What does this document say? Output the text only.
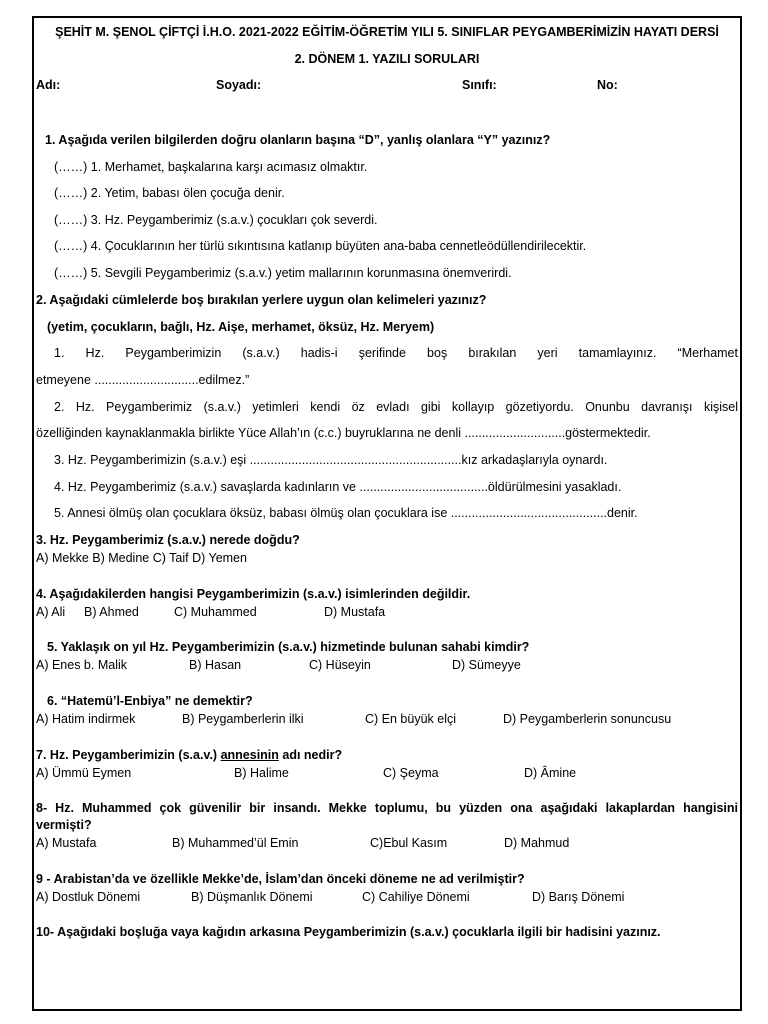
ŞEHİT M. ŞENOL ÇİFTÇİ İ.H.O. 2021-2022 EĞİTİM-ÖĞRETİM YILI 5. SINIFLAR PEYGAMBERİMİZİN HAYATI DERSİ
2. DÖNEM 1. YAZILI SORULARI
Adı:	Soyadı:	Sınıfı:	No:
1. Aşağıda verilen bilgilerden doğru olanların başına “D”, yanlış olanlara “Y” yazınız?
(……) 1. Merhamet, başkalarına karşı acımasız olmaktır.
(……) 2. Yetim, babası ölen çocuğa denir.
(……) 3. Hz. Peygamberimiz (s.a.v.) çocukları çok severdi.
(……) 4. Çocuklarının her türlü sıkıntısına katlanıp büyüten ana-baba cennetleödüllendirilecektir.
(……) 5. Sevgili Peygamberimiz (s.a.v.) yetim mallarının korunmasına önemverirdi.
2. Aşağıdaki cümlelerde boş bırakılan yerlere uygun olan kelimeleri yazınız?
(yetim, çocukların, bağlı, Hz. Aişe, merhamet, öksüz, Hz. Meryem)
1. Hz. Peygamberimizin (s.a.v.) hadis-i şerifinde boş bırakılan yeri tamamlayınız. “Merhamet
etmeyene ..............................edilmez.”
2. Hz. Peygamberimiz (s.a.v.) yetimleri kendi öz evladı gibi kollayıp gözetiyordu. Onunbu davranışı kişisel
özelliğinden kaynaklanmakla birlikte Yüce Allah’ın (c.c.) buyruklarına ne denli .............................göstermektedir.
3. Hz. Peygamberimizin (s.a.v.) eşi .............................................................kız arkadaşlarıyla oynardı.
4. Hz. Peygamberimiz (s.a.v.) savaşlarda kadınların ve .....................................öldürülmesini yasakladı.
5. Annesi ölmüş olan çocuklara öksüz, babası ölmüş olan çocuklara ise .............................................denir.
3. Hz. Peygamberimiz (s.a.v.) nerede doğdu?
A) Mekke B) Medine C) Taif D) Yemen
4. Aşağıdakilerden hangisi Peygamberimizin (s.a.v.) isimlerinden değildir.
A) Ali B) Ahmed	C) Muhammed	D) Mustafa
5. Yaklaşık on yıl Hz. Peygamberimizin (s.a.v.) hizmetinde bulunan sahabi kimdir?
A) Enes b. Malik	B) Hasan	C) Hüseyin	D) Sümeyye
6. “Hatemü’l-Enbiya” ne demektir?
A) Hatim indirmek	B) Peygamberlerin ilki	C) En büyük elçi	D) Peygamberlerin sonuncusu
7. Hz. Peygamberimizin (s.a.v.) annesinin adı nedir?
A) Ümmü Eymen	B) Halime	C) Şeyma	D) Âmine
8- Hz. Muhammed çok güvenilir bir insandı. Mekke toplumu, bu yüzden ona aşağıdaki lakaplardan hangisini
vermişti?
A) Mustafa	B) Muhammed’ül Emin	C)Ebul Kasım	D) Mahmud
9 - Arabistan’da ve özellikle Mekke’de, İslam’dan önceki döneme ne ad verilmiştir?
A) Dostluk Dönemi	B) Düşmanlık Dönemi	C) Cahiliye Dönemi	D) Barış Dönemi
10- Aşağıdaki boşluğa vaya kağıdın arkasına Peygamberimizin (s.a.v.) çocuklarla ilgili bir hadisini yazınız.
